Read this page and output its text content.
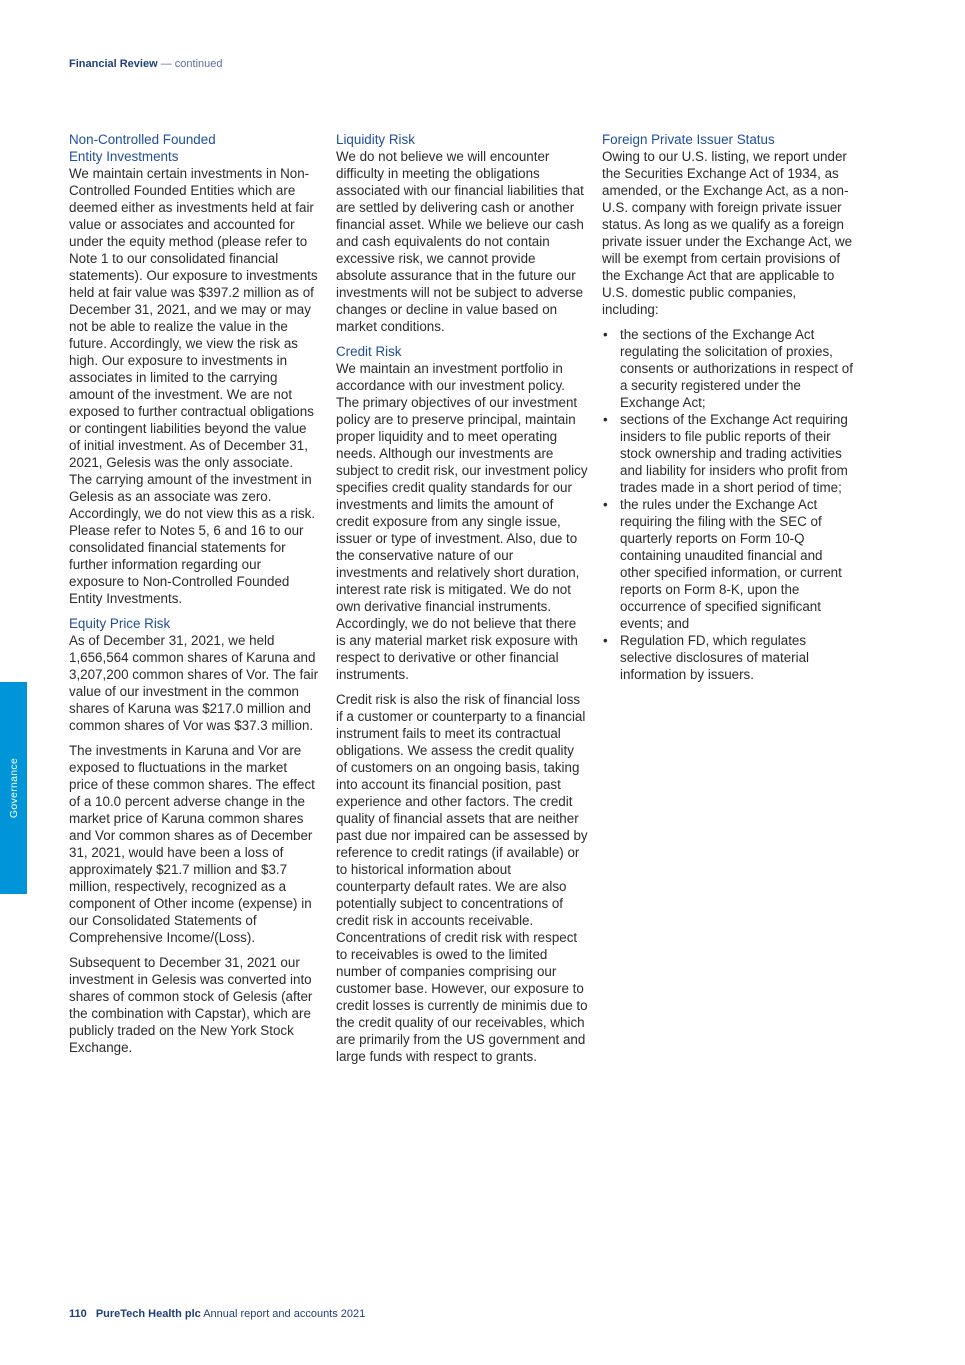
Financial Review — continued
Governance
Non-Controlled Founded Entity Investments

We maintain certain investments in Non-Controlled Founded Entities which are deemed either as investments held at fair value or associates and accounted for under the equity method (please refer to Note 1 to our consolidated financial statements). Our exposure to investments held at fair value was $397.2 million as of December 31, 2021, and we may or may not be able to realize the value in the future. Accordingly, we view the risk as high. Our exposure to investments in associates in limited to the carrying amount of the investment. We are not exposed to further contractual obligations or contingent liabilities beyond the value of initial investment. As of December 31, 2021, Gelesis was the only associate. The carrying amount of the investment in Gelesis as an associate was zero. Accordingly, we do not view this as a risk. Please refer to Notes 5, 6 and 16 to our consolidated financial statements for further information regarding our exposure to Non-Controlled Founded Entity Investments.

Equity Price Risk

As of December 31, 2021, we held 1,656,564 common shares of Karuna and 3,207,200 common shares of Vor. The fair value of our investment in the common shares of Karuna was $217.0 million and common shares of Vor was $37.3 million.

The investments in Karuna and Vor are exposed to fluctuations in the market price of these common shares. The effect of a 10.0 percent adverse change in the market price of Karuna common shares and Vor common shares as of December 31, 2021, would have been a loss of approximately $21.7 million and $3.7 million, respectively, recognized as a component of Other income (expense) in our Consolidated Statements of Comprehensive Income/(Loss).

Subsequent to December 31, 2021 our investment in Gelesis was converted into shares of common stock of Gelesis (after the combination with Capstar), which are publicly traded on the New York Stock Exchange.

Liquidity Risk

We do not believe we will encounter difficulty in meeting the obligations associated with our financial liabilities that are settled by delivering cash or another financial asset. While we believe our cash and cash equivalents do not contain excessive risk, we cannot provide absolute assurance that in the future our investments will not be subject to adverse changes or decline in value based on market conditions.

Credit Risk

We maintain an investment portfolio in accordance with our investment policy. The primary objectives of our investment policy are to preserve principal, maintain proper liquidity and to meet operating needs. Although our investments are subject to credit risk, our investment policy specifies credit quality standards for our investments and limits the amount of credit exposure from any single issue, issuer or type of investment. Also, due to the conservative nature of our investments and relatively short duration, interest rate risk is mitigated. We do not own derivative financial instruments. Accordingly, we do not believe that there is any material market risk exposure with respect to derivative or other financial instruments.

Credit risk is also the risk of financial loss if a customer or counterparty to a financial instrument fails to meet its contractual obligations. We assess the credit quality of customers on an ongoing basis, taking into account its financial position, past experience and other factors. The credit quality of financial assets that are neither past due nor impaired can be assessed by reference to credit ratings (if available) or to historical information about counterparty default rates. We are also potentially subject to concentrations of credit risk in accounts receivable. Concentrations of credit risk with respect to receivables is owed to the limited number of companies comprising our customer base. However, our exposure to credit losses is currently de minimis due to the credit quality of our receivables, which are primarily from the US government and large funds with respect to grants.

Foreign Private Issuer Status

Owing to our U.S. listing, we report under the Securities Exchange Act of 1934, as amended, or the Exchange Act, as a non-U.S. company with foreign private issuer status. As long as we qualify as a foreign private issuer under the Exchange Act, we will be exempt from certain provisions of the Exchange Act that are applicable to U.S. domestic public companies, including:

• the sections of the Exchange Act regulating the solicitation of proxies, consents or authorizations in respect of a security registered under the Exchange Act;
• sections of the Exchange Act requiring insiders to file public reports of their stock ownership and trading activities and liability for insiders who profit from trades made in a short period of time;
• the rules under the Exchange Act requiring the filing with the SEC of quarterly reports on Form 10-Q containing unaudited financial and other specified information, or current reports on Form 8-K, upon the occurrence of specified significant events; and
• Regulation FD, which regulates selective disclosures of material information by issuers.
110 PureTech Health plc Annual report and accounts 2021
